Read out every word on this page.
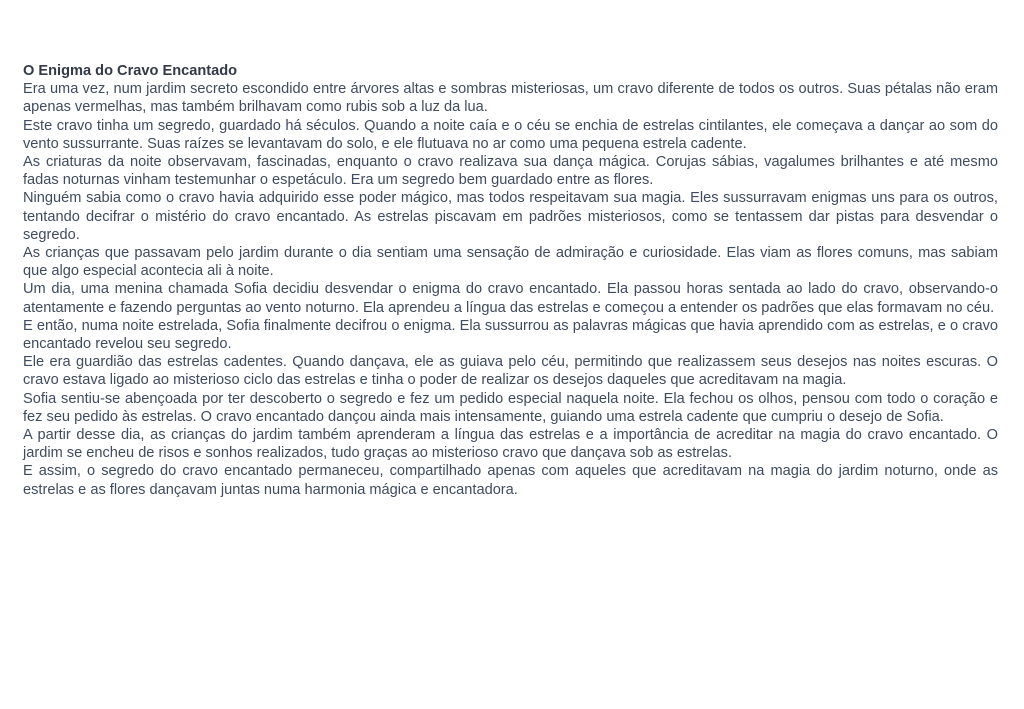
O Enigma do Cravo Encantado

Era uma vez, num jardim secreto escondido entre árvores altas e sombras misteriosas, um cravo diferente de todos os outros. Suas pétalas não eram apenas vermelhas, mas também brilhavam como rubis sob a luz da lua.

Este cravo tinha um segredo, guardado há séculos. Quando a noite caía e o céu se enchia de estrelas cintilantes, ele começava a dançar ao som do vento sussurrante. Suas raízes se levantavam do solo, e ele flutuava no ar como uma pequena estrela cadente.

As criaturas da noite observavam, fascinadas, enquanto o cravo realizava sua dança mágica. Corujas sábias, vagalumes brilhantes e até mesmo fadas noturnas vinham testemunhar o espetáculo. Era um segredo bem guardado entre as flores.

Ninguém sabia como o cravo havia adquirido esse poder mágico, mas todos respeitavam sua magia. Eles sussurravam enigmas uns para os outros, tentando decifrar o mistério do cravo encantado. As estrelas piscavam em padrões misteriosos, como se tentassem dar pistas para desvendar o segredo.

As crianças que passavam pelo jardim durante o dia sentiam uma sensação de admiração e curiosidade. Elas viam as flores comuns, mas sabiam que algo especial acontecia ali à noite.

Um dia, uma menina chamada Sofia decidiu desvendar o enigma do cravo encantado. Ela passou horas sentada ao lado do cravo, observando-o atentamente e fazendo perguntas ao vento noturno. Ela aprendeu a língua das estrelas e começou a entender os padrões que elas formavam no céu.

E então, numa noite estrelada, Sofia finalmente decifrou o enigma. Ela sussurrou as palavras mágicas que havia aprendido com as estrelas, e o cravo encantado revelou seu segredo.

Ele era guardião das estrelas cadentes. Quando dançava, ele as guiava pelo céu, permitindo que realizassem seus desejos nas noites escuras. O cravo estava ligado ao misterioso ciclo das estrelas e tinha o poder de realizar os desejos daqueles que acreditavam na magia.

Sofia sentiu-se abençoada por ter descoberto o segredo e fez um pedido especial naquela noite. Ela fechou os olhos, pensou com todo o coração e fez seu pedido às estrelas. O cravo encantado dançou ainda mais intensamente, guiando uma estrela cadente que cumpriu o desejo de Sofia.

A partir desse dia, as crianças do jardim também aprenderam a língua das estrelas e a importância de acreditar na magia do cravo encantado. O jardim se encheu de risos e sonhos realizados, tudo graças ao misterioso cravo que dançava sob as estrelas.

E assim, o segredo do cravo encantado permaneceu, compartilhado apenas com aqueles que acreditavam na magia do jardim noturno, onde as estrelas e as flores dançavam juntas numa harmonia mágica e encantadora.
